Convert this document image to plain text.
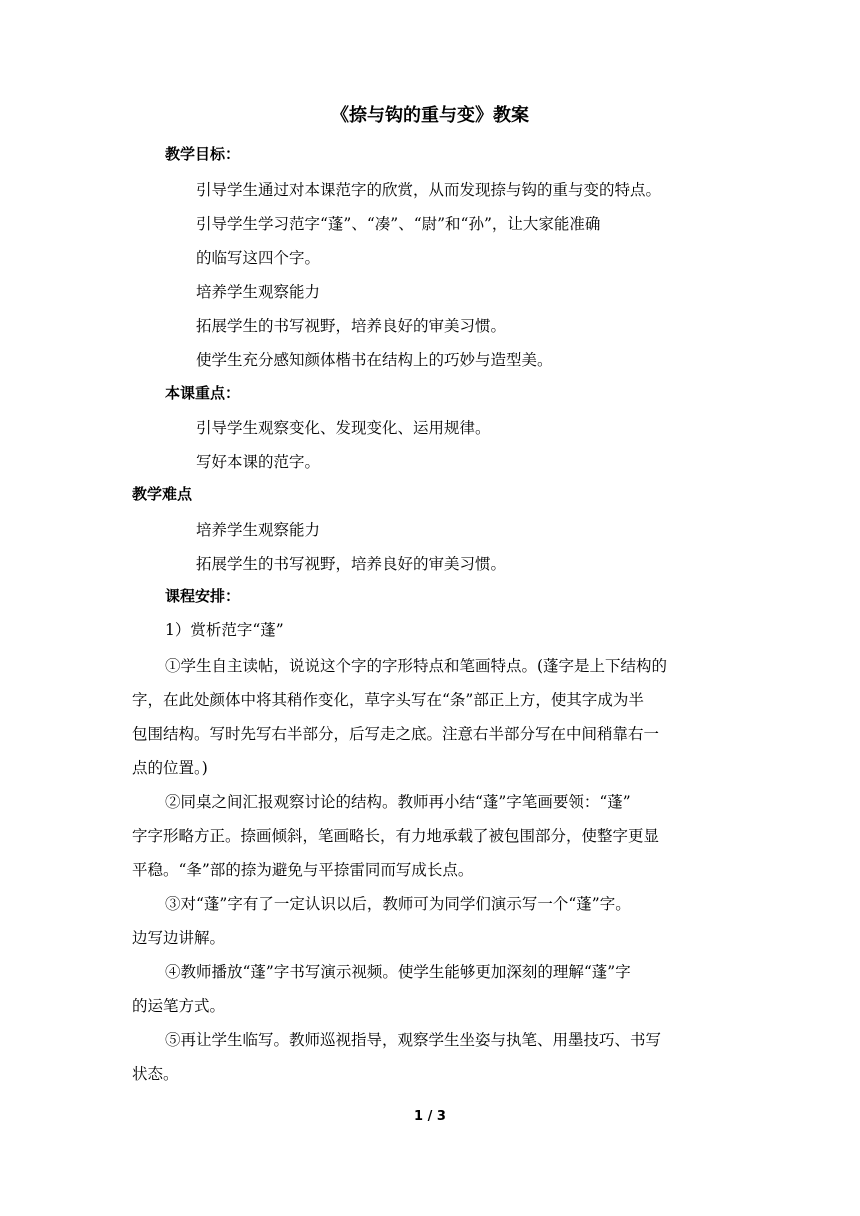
《捺与钩的重与变》教案
教学目标：
引导学生通过对本课范字的欣赏，从而发现捺与钩的重与变的特点。
引导学生学习范字“蓬”、“凑”、“尉”和“孙”，让大家能准确
的临写这四个字。
培养学生观察能力
拓展学生的书写视野，培养良好的审美习惯。
使学生充分感知颜体楷书在结构上的巧妙与造型美。
本课重点：
引导学生观察变化、发现变化、运用规律。
写好本课的范字。
教学难点
培养学生观察能力
拓展学生的书写视野，培养良好的审美习惯。
课程安排：
1）赏析范字“蓬”
①学生自主读帖，说说这个字的字形特点和笔画特点。(蓬字是上下结构的
字，在此处颜体中将其稍作变化，草字头写在“条”部正上方，使其字成为半
包围结构。写时先写右半部分，后写走之底。注意右半部分写在中间稍靠右一
点的位置。)
②同桌之间汇报观察讨论的结构。教师再小结“蓬”字笔画要领：“蓬”
字字形略方正。捺画倾斜，笔画略长，有力地承载了被包围部分，使整字更显
平稳。“夆”部的捺为避免与平捺雷同而写成长点。
③对“蓬”字有了一定认识以后，教师可为同学们演示写一个“蓬”字。
边写边讲解。
④教师播放“蓬”字书写演示视频。使学生能够更加深刻的理解“蓬”字
的运笔方式。
⑤再让学生临写。教师巡视指导，观察学生坐姿与执笔、用墨技巧、书写
状态。
1 / 3
